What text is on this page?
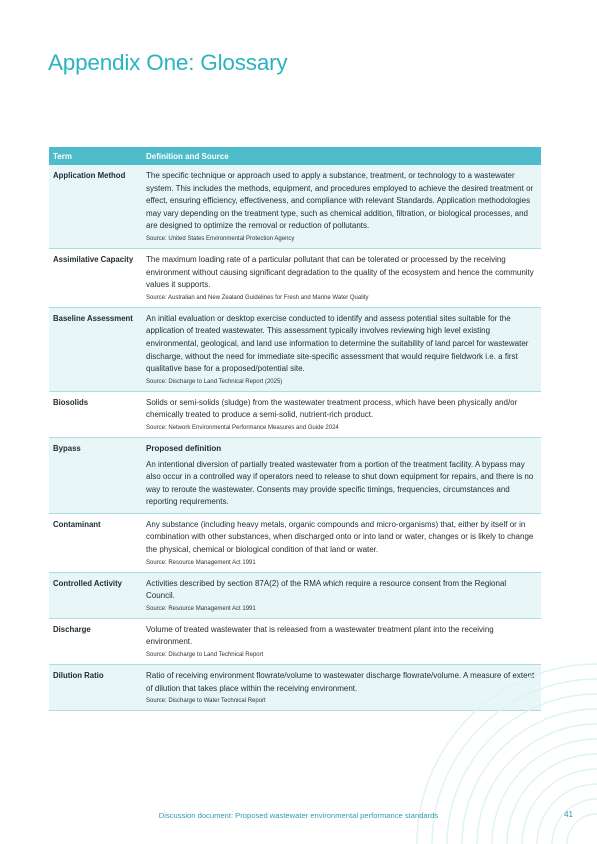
Appendix One: Glossary
Term	Definition and Source
Application Method	The specific technique or approach used to apply a substance, treatment, or technology to a wastewater system. This includes the methods, equipment, and procedures employed to achieve the desired treatment or effect, ensuring efficiency, effectiveness, and compliance with relevant Standards. Application methodologies may vary depending on the treatment type, such as chemical addition, filtration, or biological processes, and are designed to optimize the removal or reduction of pollutants.

Source: United States Environmental Protection Agency

Assimilative Capacity	The maximum loading rate of a particular pollutant that can be tolerated or processed by the receiving environment without causing significant degradation to the quality of the ecosystem and hence the community values it supports.

Source: Australian and New Zealand Guidelines for Fresh and Marine Water Quality

Baseline Assessment	An initial evaluation or desktop exercise conducted to identify and assess potential sites suitable for the application of treated wastewater. This assessment typically involves reviewing high level existing environmental, geological, and land use information to determine the suitability of land parcel for wastewater discharge, without the need for immediate site-specific assessment that would require fieldwork i.e. a first qualitative base for a proposed/potential site.

Source: Discharge to Land Technical Report (2025)

Biosolids	Solids or semi-solids (sludge) from the wastewater treatment process, which have been physically and/or chemically treated to produce a semi-solid, nutrient-rich product.

Source: Network Environmental Performance Measures and Guide 2024

Bypass	Proposed definition

An intentional diversion of partially treated wastewater from a portion of the treatment facility. A bypass may also occur in a controlled way if operators need to release to shut down equipment for repairs, and there is no way to reroute the wastewater. Consents may provide specific timings, frequencies, circumstances and reporting requirements.

Contaminant	Any substance (including heavy metals, organic compounds and micro-organisms) that, either by itself or in combination with other substances, when discharged onto or into land or water, changes or is likely to change the physical, chemical or biological condition of that land or water.

Source: Resource Management Act 1991

Controlled Activity	Activities described by section 87A(2) of the RMA which require a resource consent from the Regional Council.

Source: Resource Management Act 1991

Discharge	Volume of treated wastewater that is released from a wastewater treatment plant into the receiving environment.

Source: Discharge to Land Technical Report

Dilution Ratio	Ratio of receiving environment flowrate/volume to wastewater discharge flowrate/volume. A measure of extent of dilution that takes place within the receiving environment.

Source: Discharge to Water Technical Report

Discussion document: Proposed wastewater environmental performance standards	41
